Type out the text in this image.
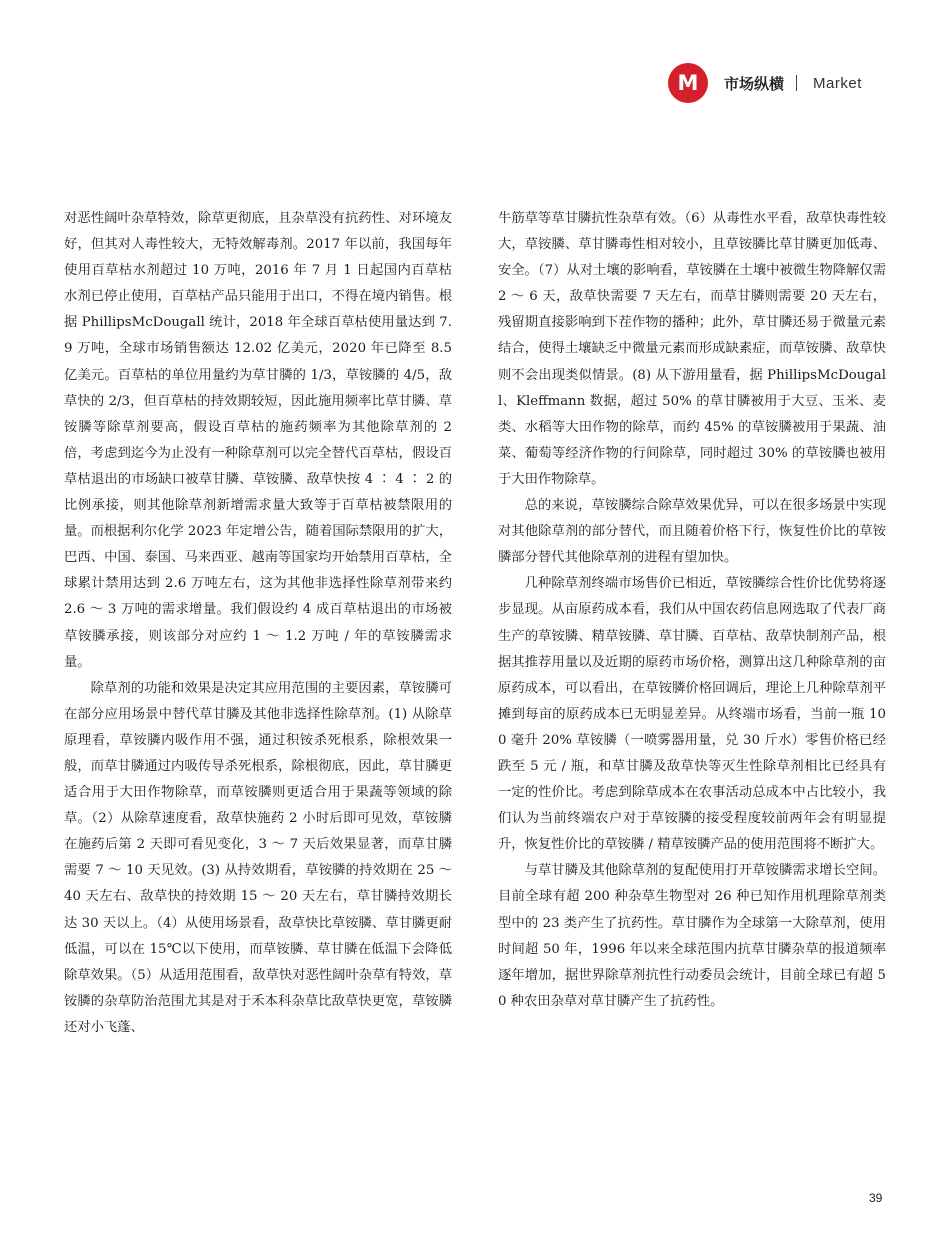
M	市场纵横 Market

对恶性阔叶杂草特效，除草更彻底，且杂草没有抗药性、对环境友好，但其对人毒性较大，无特效解毒剂。2017 年以前，我国每年使用百草枯水剂超过 10 万吨，2016 年 7 月 1 日起国内百草枯水剂已停止使用，百草枯产品只能用于出口，不得在境内销售。根据 PhillipsMcDougall 统计，2018 年全球百草枯使用量达到 7.9 万吨，全球市场销售额达 12.02 亿美元，2020 年已降至 8.5 亿美元。百草枯的单位用量约为草甘膦的 1/3，草铵膦的 4/5，敌草快的 2/3，但百草枯的持效期较短，因此施用频率比草甘膦、草铵膦等除草剂要高，假设百草枯的施药频率为其他除草剂的 2 倍，考虑到迄今为止没有一种除草剂可以完全替代百草枯，假设百草枯退出的市场缺口被草甘膦、草铵膦、敌草快按 4 ∶ 4 ∶ 2 的比例承接，则其他除草剂新增需求量大致等于百草枯被禁限用的量。而根据利尔化学 2023 年定增公告，随着国际禁限用的扩大，巴西、中国、泰国、马来西亚、越南等国家均开始禁用百草枯，全球累计禁用达到 2.6 万吨左右，这为其他非选择性除草剂带来约 2.6 ～ 3 万吨的需求增量。我们假设约 4 成百草枯退出的市场被草铵膦承接，则该部分对应约 1 ～ 1.2 万吨 / 年的草铵膦需求量。

除草剂的功能和效果是决定其应用范围的主要因素，草铵膦可在部分应用场景中替代草甘膦及其他非选择性除草剂。(1) 从除草原理看，草铵膦内吸作用不强，通过积铵杀死根系，除根效果一般，而草甘膦通过内吸传导杀死根系，除根彻底，因此，草甘膦更适合用于大田作物除草，而草铵膦则更适合用于果蔬等领域的除草。（2）从除草速度看，敌草快施药 2 小时后即可见效，草铵膦在施药后第 2 天即可看见变化，3 ～ 7 天后效果显著，而草甘膦需要 7 ～ 10 天见效。(3) 从持效期看，草铵膦的持效期在 25 ～ 40 天左右、敌草快的持效期 15 ～ 20 天左右，草甘膦持效期长达 30 天以上。（4）从使用场景看，敌草快比草铵膦、草甘膦更耐低温，可以在 15℃以下使用，而草铵膦、草甘膦在低温下会降低除草效果。（5）从适用范围看，敌草快对恶性阔叶杂草有特效，草铵膦的杂草防治范围尤其是对于禾本科杂草比敌草快更宽，草铵膦还对小飞蓬、

牛筋草等草甘膦抗性杂草有效。（6）从毒性水平看，敌草快毒性较大，草铵膦、草甘膦毒性相对较小，且草铵膦比草甘膦更加低毒、安全。（7）从对土壤的影响看，草铵膦在土壤中被微生物降解仅需 2 ～ 6 天，敌草快需要 7 天左右，而草甘膦则需要 20 天左右，残留期直接影响到下茬作物的播种；此外，草甘膦还易于微量元素结合，使得土壤缺乏中微量元素而形成缺素症，而草铵膦、敌草快则不会出现类似情景。(8) 从下游用量看，据 PhillipsMcDougall、Kleffmann 数据，超过 50% 的草甘膦被用于大豆、玉米、麦类、水稻等大田作物的除草，而约 45% 的草铵膦被用于果蔬、油菜、葡萄等经济作物的行间除草，同时超过 30% 的草铵膦也被用于大田作物除草。

总的来说，草铵膦综合除草效果优异，可以在很多场景中实现对其他除草剂的部分替代，而且随着价格下行，恢复性价比的草铵膦部分替代其他除草剂的进程有望加快。

几种除草剂终端市场售价已相近，草铵膦综合性价比优势将逐步显现。从亩原药成本看，我们从中国农药信息网选取了代表厂商生产的草铵膦、精草铵膦、草甘膦、百草枯、敌草快制剂产品，根据其推荐用量以及近期的原药市场价格，测算出这几种除草剂的亩原药成本，可以看出，在草铵膦价格回调后，理论上几种除草剂平摊到每亩的原药成本已无明显差异。从终端市场看，当前一瓶 100 毫升 20% 草铵膦（一喷雾器用量，兑 30 斤水）零售价格已经跌至 5 元 / 瓶，和草甘膦及敌草快等灭生性除草剂相比已经具有一定的性价比。考虑到除草成本在农事活动总成本中占比较小，我们认为当前终端农户对于草铵膦的接受程度较前两年会有明显提升，恢复性价比的草铵膦 / 精草铵膦产品的使用范围将不断扩大。

与草甘膦及其他除草剂的复配使用打开草铵膦需求增长空间。目前全球有超 200 种杂草生物型对 26 种已知作用机理除草剂类型中的 23 类产生了抗药性。草甘膦作为全球第一大除草剂，使用时间超 50 年，1996 年以来全球范围内抗草甘膦杂草的报道频率逐年增加，据世界除草剂抗性行动委员会统计，目前全球已有超 50 种农田杂草对草甘膦产生了抗药性。

39
